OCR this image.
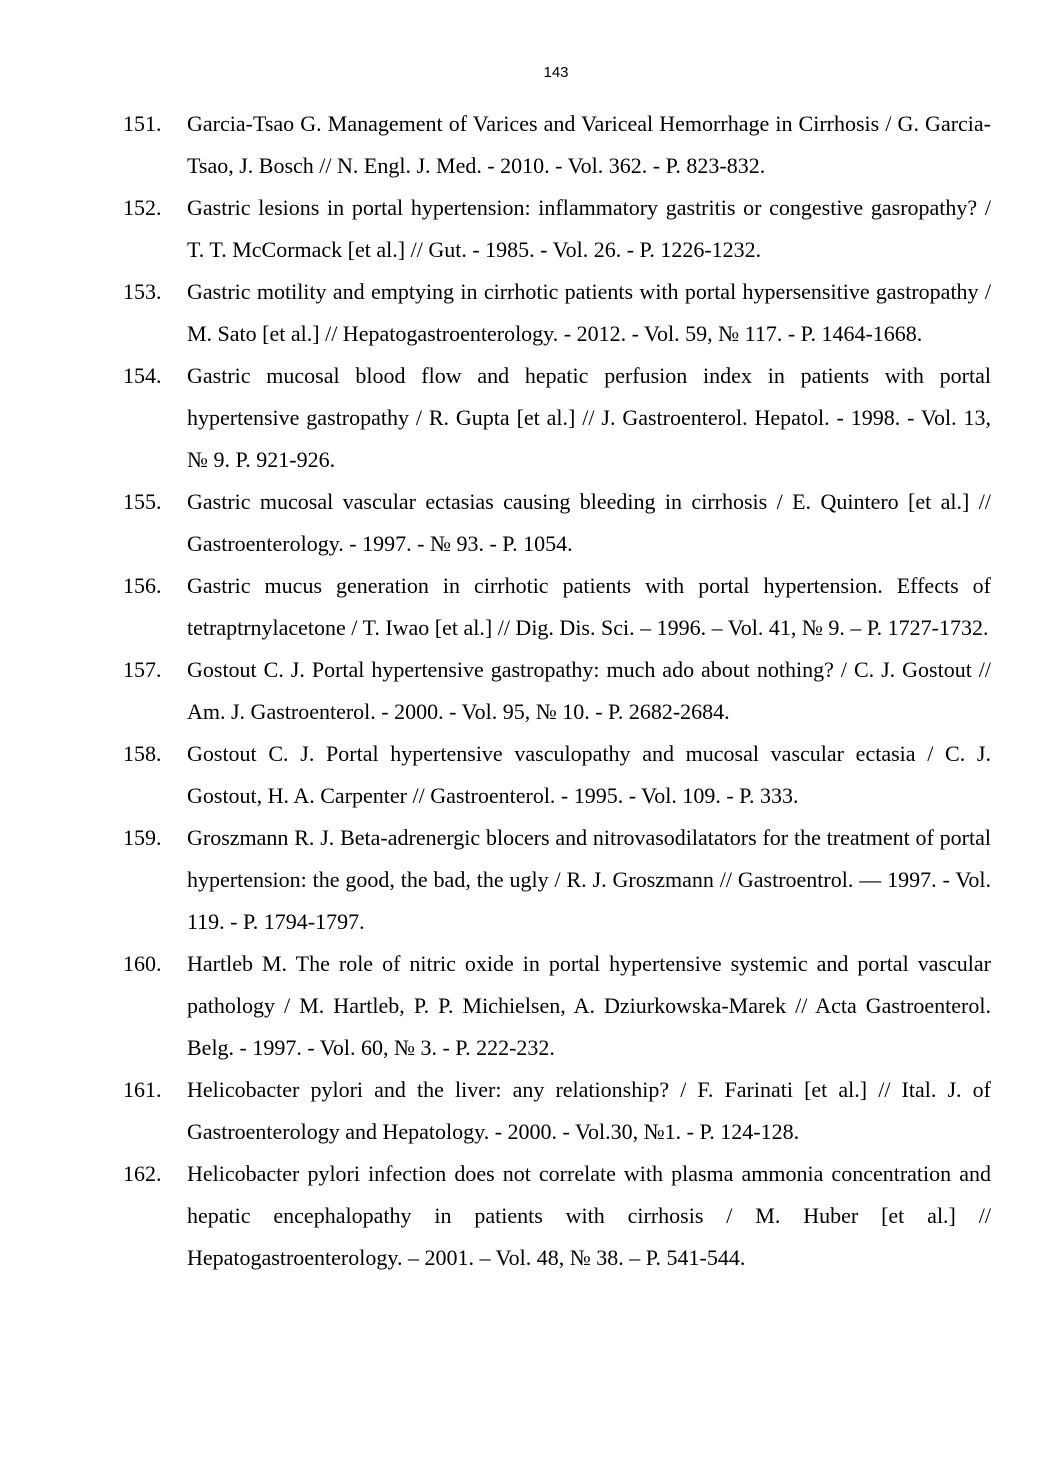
143
151. Garcia-Tsao G. Management of Varices and Variceal Hemorrhage in Cirrhosis / G. Garcia-Tsao, J. Bosch // N. Engl. J. Med. - 2010. - Vol. 362. - P. 823-832.
152. Gastric lesions in portal hypertension: inflammatory gastritis or congestive gasropathy? / T. T. McCormack [et al.] // Gut. - 1985. - Vol. 26. - P. 1226-1232.
153. Gastric motility and emptying in cirrhotic patients with portal hypersensitive gastropathy / M. Sato [et al.] // Hepatogastroenterology. - 2012. - Vol. 59, № 117. - P. 1464-1668.
154. Gastric mucosal blood flow and hepatic perfusion index in patients with portal hypertensive gastropathy / R. Gupta [et al.] // J. Gastroenterol. Hepatol. - 1998. - Vol. 13, № 9. P. 921-926.
155. Gastric mucosal vascular ectasias causing bleeding in cirrhosis / E. Quintero [et al.] // Gastroenterology. - 1997. - № 93. - P. 1054.
156. Gastric mucus generation in cirrhotic patients with portal hypertension. Effects of tetraptrnylacetone / T. Iwao [et al.] // Dig. Dis. Sci. – 1996. – Vol. 41, № 9. – P. 1727-1732.
157. Gostout C. J. Portal hypertensive gastropathy: much ado about nothing? / C. J. Gostout // Am. J. Gastroenterol. - 2000. - Vol. 95, № 10. - P. 2682-2684.
158. Gostout C. J. Portal hypertensive vasculopathy and mucosal vascular ectasia / C. J. Gostout, H. A. Carpenter // Gastroenterol. - 1995. - Vol. 109. - P. 333.
159. Groszmann R. J. Beta-adrenergic blocers and nitrovasodilatators for the treatment of portal hypertension: the good, the bad, the ugly / R. J. Groszmann // Gastroentrol. — 1997. - Vol. 119. - P. 1794-1797.
160. Hartleb M. The role of nitric oxide in portal hypertensive systemic and portal vascular pathology / M. Hartleb, P. P. Michielsen, A. Dziurkowska-Marek // Acta Gastroenterol. Belg. - 1997. - Vol. 60, № 3. - P. 222-232.
161. Helicobacter pylori and the liver: any relationship? / F. Farinati [et al.] // Ital. J. of Gastroenterology and Hepatology. - 2000. - Vol.30, №1. - P. 124-128.
162. Helicobacter pylori infection does not correlate with plasma ammonia concentration and hepatic encephalopathy in patients with cirrhosis / M. Huber [et al.] // Hepatogastroenterology. – 2001. – Vol. 48, № 38. – P. 541-544.
